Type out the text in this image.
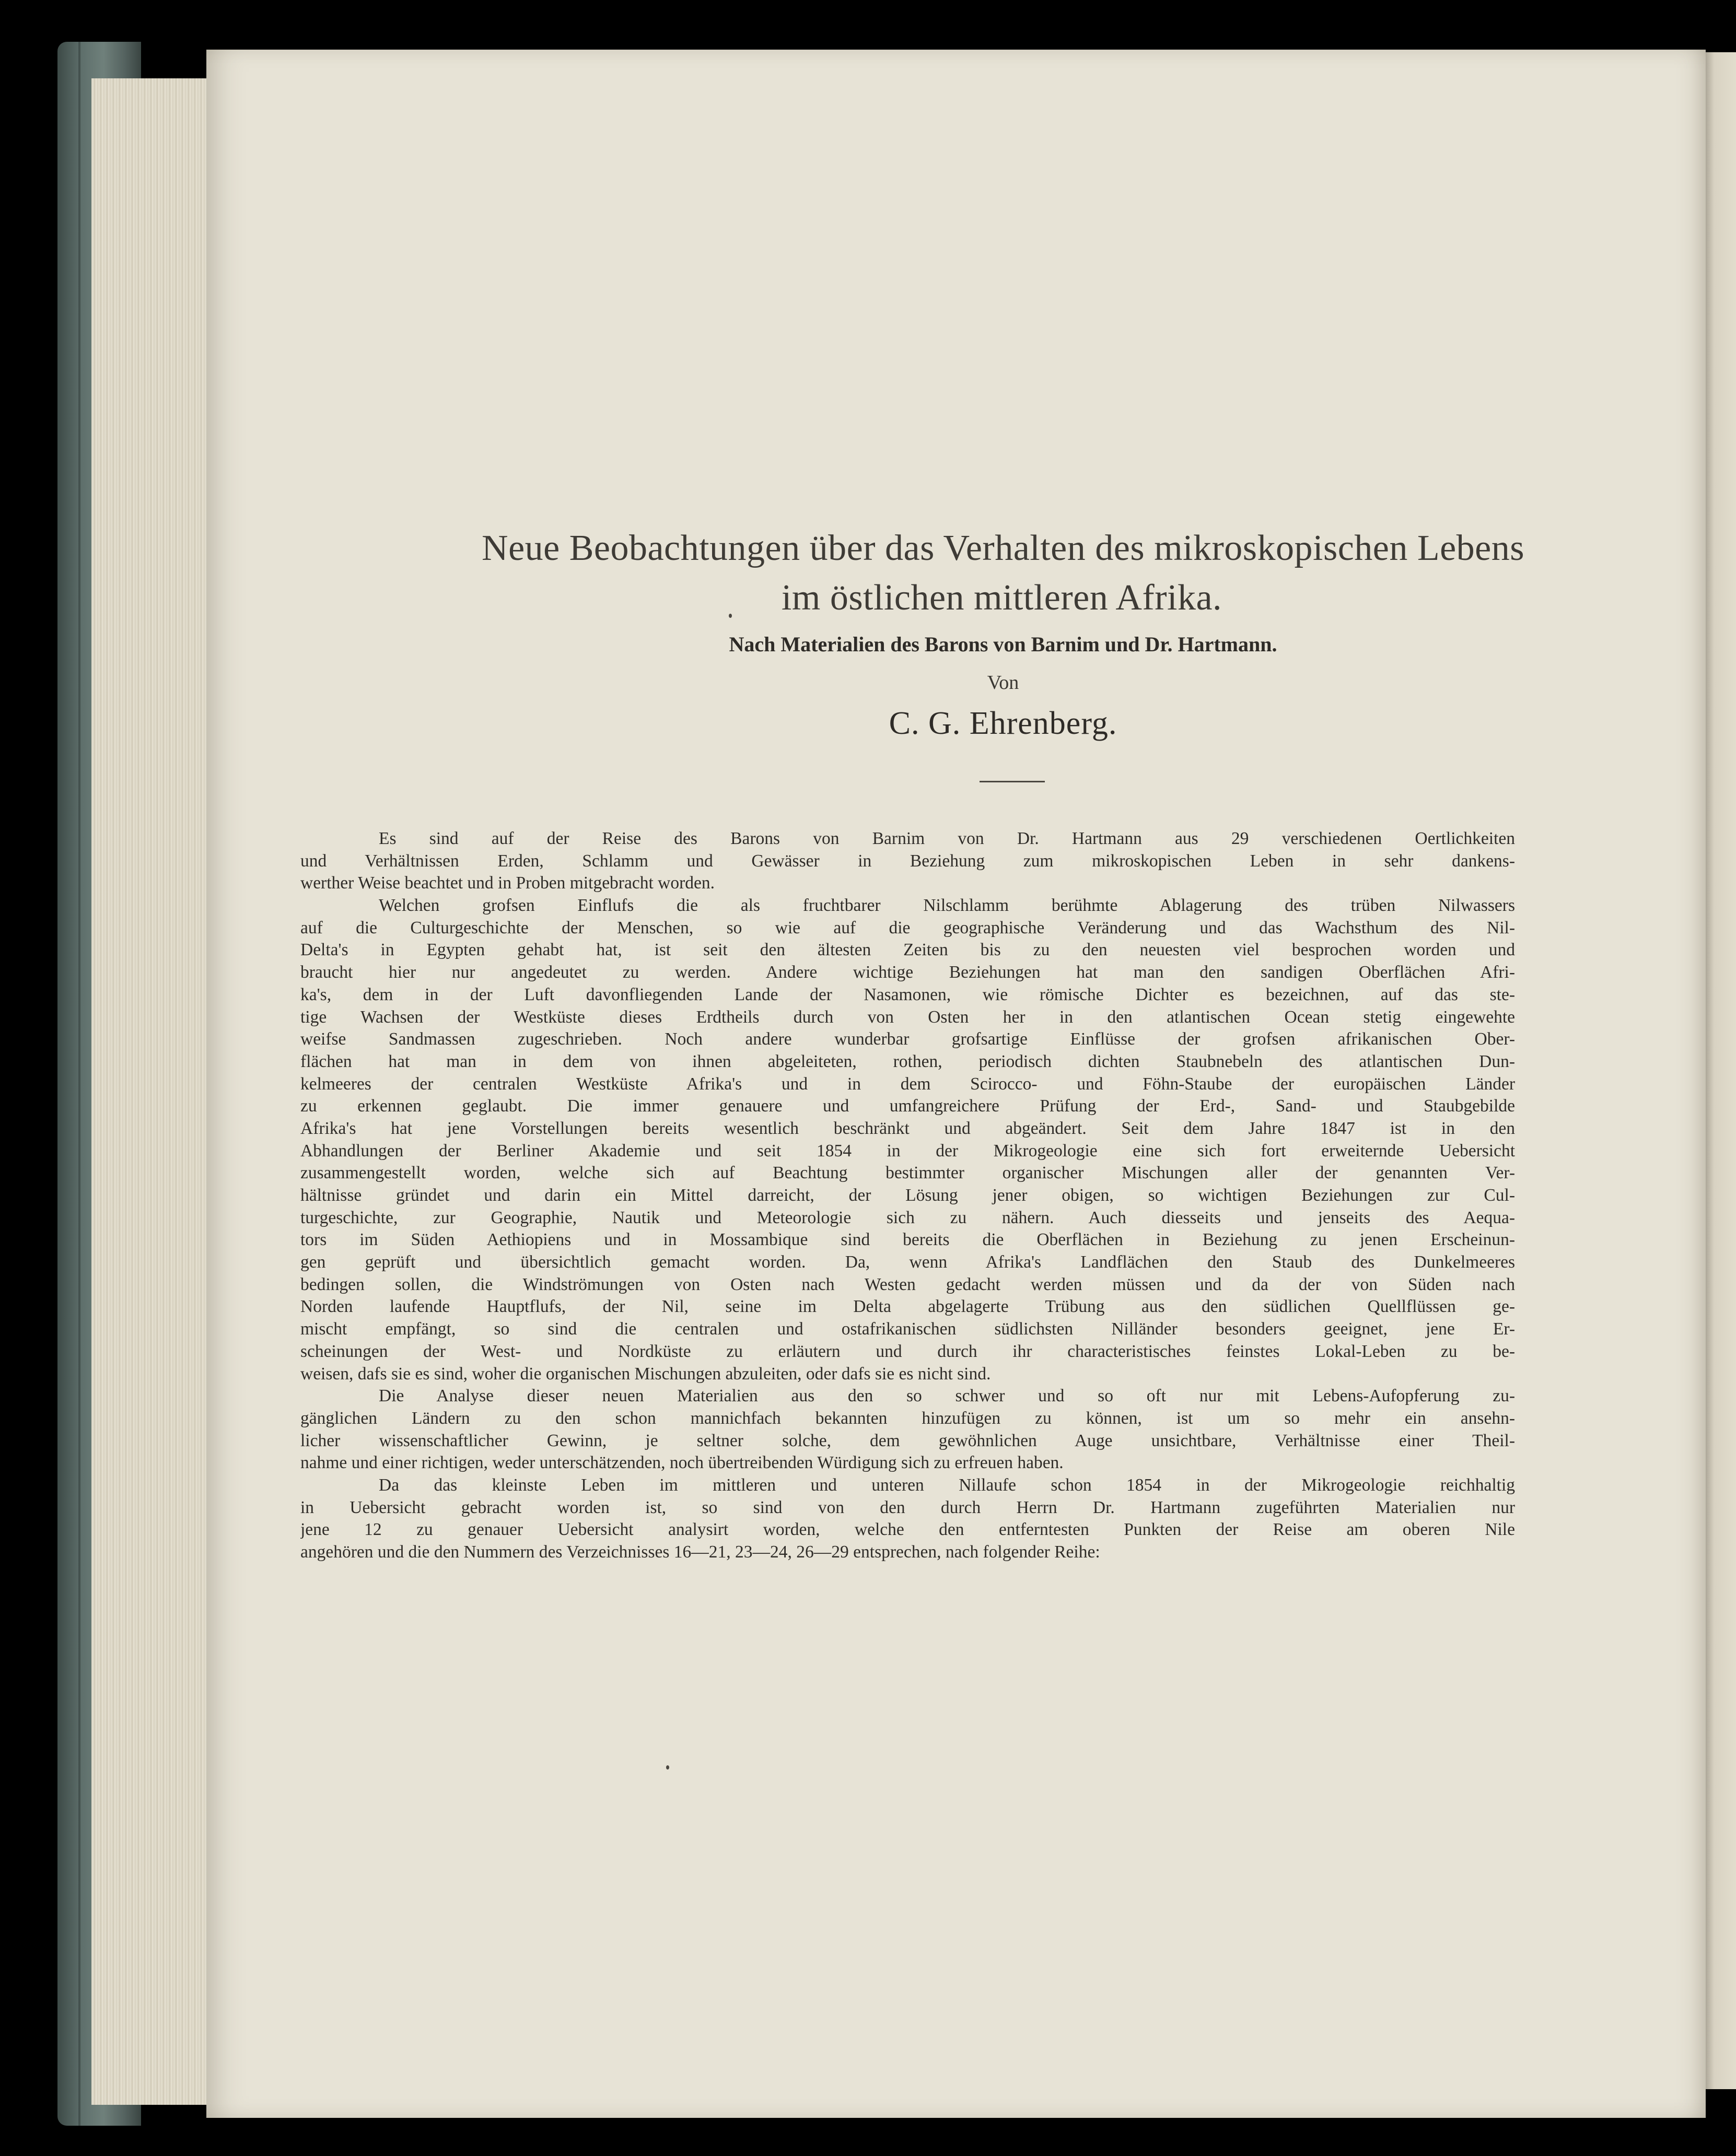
Neue Beobachtungen über das Verhalten des mikroskopischen Lebens
im östlichen mittleren Afrika.
Nach Materialien des Barons von Barnim und Dr. Hartmann.
Von
C. G. Ehrenberg.
Es sind auf der Reise des Barons von Barnim von Dr. Hartmann aus 29 verschiedenen Oertlichkeiten
und Verhältnissen Erden, Schlamm und Gewässer in Beziehung zum mikroskopischen Leben in sehr dankens-
werther Weise beachtet und in Proben mitgebracht worden.
Welchen grofsen Einflufs die als fruchtbarer Nilschlamm berühmte Ablagerung des trüben Nilwassers
auf die Culturgeschichte der Menschen, so wie auf die geographische Veränderung und das Wachsthum des Nil-
Delta's in Egypten gehabt hat, ist seit den ältesten Zeiten bis zu den neuesten viel besprochen worden und
braucht hier nur angedeutet zu werden. Andere wichtige Beziehungen hat man den sandigen Oberflächen Afri-
ka's, dem in der Luft davonfliegenden Lande der Nasamonen, wie römische Dichter es bezeichnen, auf das ste-
tige Wachsen der Westküste dieses Erdtheils durch von Osten her in den atlantischen Ocean stetig eingewehte
weifse Sandmassen zugeschrieben. Noch andere wunderbar grofsartige Einflüsse der grofsen afrikanischen Ober-
flächen hat man in dem von ihnen abgeleiteten, rothen, periodisch dichten Staubnebeln des atlantischen Dun-
kelmeeres der centralen Westküste Afrika's und in dem Scirocco- und Föhn-Staube der europäischen Länder
zu erkennen geglaubt. Die immer genauere und umfangreichere Prüfung der Erd-, Sand- und Staubgebilde
Afrika's hat jene Vorstellungen bereits wesentlich beschränkt und abgeändert. Seit dem Jahre 1847 ist in den
Abhandlungen der Berliner Akademie und seit 1854 in der Mikrogeologie eine sich fort erweiternde Uebersicht
zusammengestellt worden, welche sich auf Beachtung bestimmter organischer Mischungen aller der genannten Ver-
hältnisse gründet und darin ein Mittel darreicht, der Lösung jener obigen, so wichtigen Beziehungen zur Cul-
turgeschichte, zur Geographie, Nautik und Meteorologie sich zu nähern. Auch diesseits und jenseits des Aequa-
tors im Süden Aethiopiens und in Mossambique sind bereits die Oberflächen in Beziehung zu jenen Erscheinun-
gen geprüft und übersichtlich gemacht worden. Da, wenn Afrika's Landflächen den Staub des Dunkelmeeres
bedingen sollen, die Windströmungen von Osten nach Westen gedacht werden müssen und da der von Süden nach
Norden laufende Hauptflufs, der Nil, seine im Delta abgelagerte Trübung aus den südlichen Quellflüssen ge-
mischt empfängt, so sind die centralen und ostafrikanischen südlichsten Nilländer besonders geeignet, jene Er-
scheinungen der West- und Nordküste zu erläutern und durch ihr characteristisches feinstes Lokal-Leben zu be-
weisen, dafs sie es sind, woher die organischen Mischungen abzuleiten, oder dafs sie es nicht sind.
Die Analyse dieser neuen Materialien aus den so schwer und so oft nur mit Lebens-Aufopferung zu-
gänglichen Ländern zu den schon mannichfach bekannten hinzufügen zu können, ist um so mehr ein ansehn-
licher wissenschaftlicher Gewinn, je seltner solche, dem gewöhnlichen Auge unsichtbare, Verhältnisse einer Theil-
nahme und einer richtigen, weder unterschätzenden, noch übertreibenden Würdigung sich zu erfreuen haben.
Da das kleinste Leben im mittleren und unteren Nillaufe schon 1854 in der Mikrogeologie reichhaltig
in Uebersicht gebracht worden ist, so sind von den durch Herrn Dr. Hartmann zugeführten Materialien nur
jene 12 zu genauer Uebersicht analysirt worden, welche den entferntesten Punkten der Reise am oberen Nile
angehören und die den Nummern des Verzeichnisses 16—21, 23—24, 26—29 entsprechen, nach folgender Reihe:
